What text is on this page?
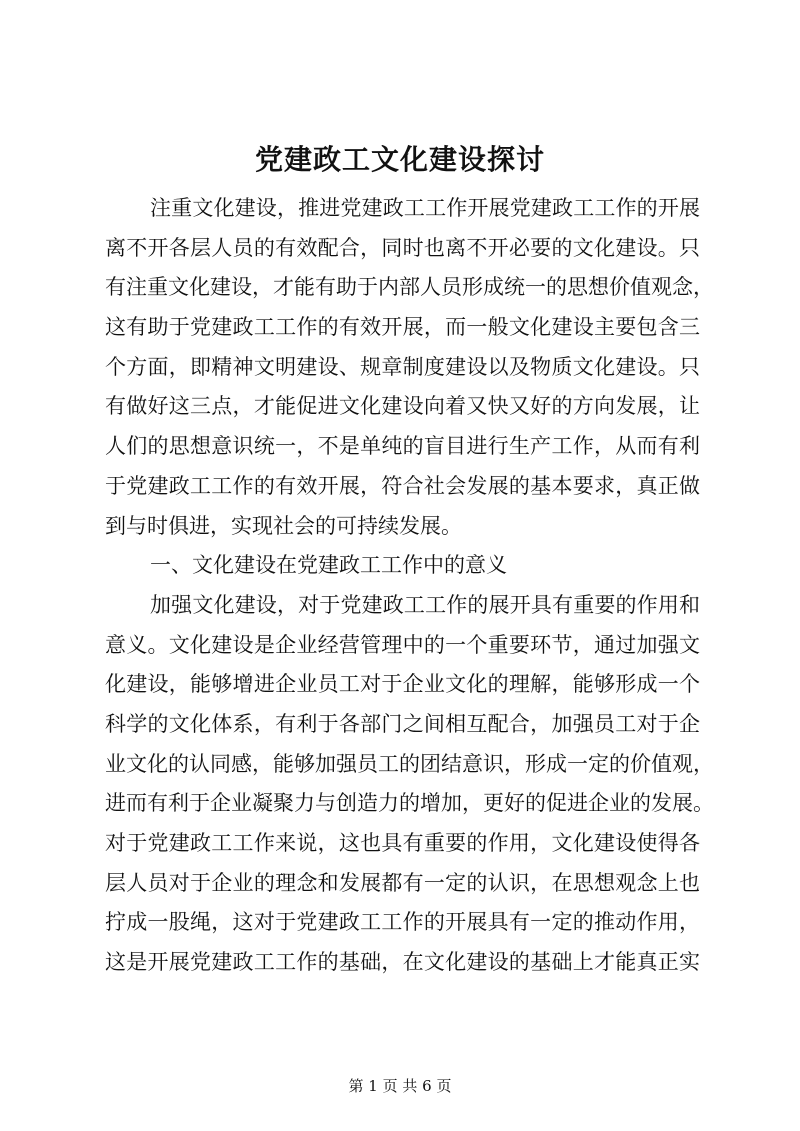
党建政工文化建设探讨
注重文化建设，推进党建政工工作开展党建政工工作的开展
离不开各层人员的有效配合，同时也离不开必要的文化建设。只
有注重文化建设，才能有助于内部人员形成统一的思想价值观念，
这有助于党建政工工作的有效开展，而一般文化建设主要包含三
个方面，即精神文明建设、规章制度建设以及物质文化建设。只
有做好这三点，才能促进文化建设向着又快又好的方向发展，让
人们的思想意识统一，不是单纯的盲目进行生产工作，从而有利
于党建政工工作的有效开展，符合社会发展的基本要求，真正做
到与时俱进，实现社会的可持续发展。
一、文化建设在党建政工工作中的意义
加强文化建设，对于党建政工工作的展开具有重要的作用和
意义。文化建设是企业经营管理中的一个重要环节，通过加强文
化建设，能够增进企业员工对于企业文化的理解，能够形成一个
科学的文化体系，有利于各部门之间相互配合，加强员工对于企
业文化的认同感，能够加强员工的团结意识，形成一定的价值观，
进而有利于企业凝聚力与创造力的增加，更好的促进企业的发展。
对于党建政工工作来说，这也具有重要的作用，文化建设使得各
层人员对于企业的理念和发展都有一定的认识，在思想观念上也
拧成一股绳，这对于党建政工工作的开展具有一定的推动作用，
这是开展党建政工工作的基础，在文化建设的基础上才能真正实
第 1 页 共 6 页
